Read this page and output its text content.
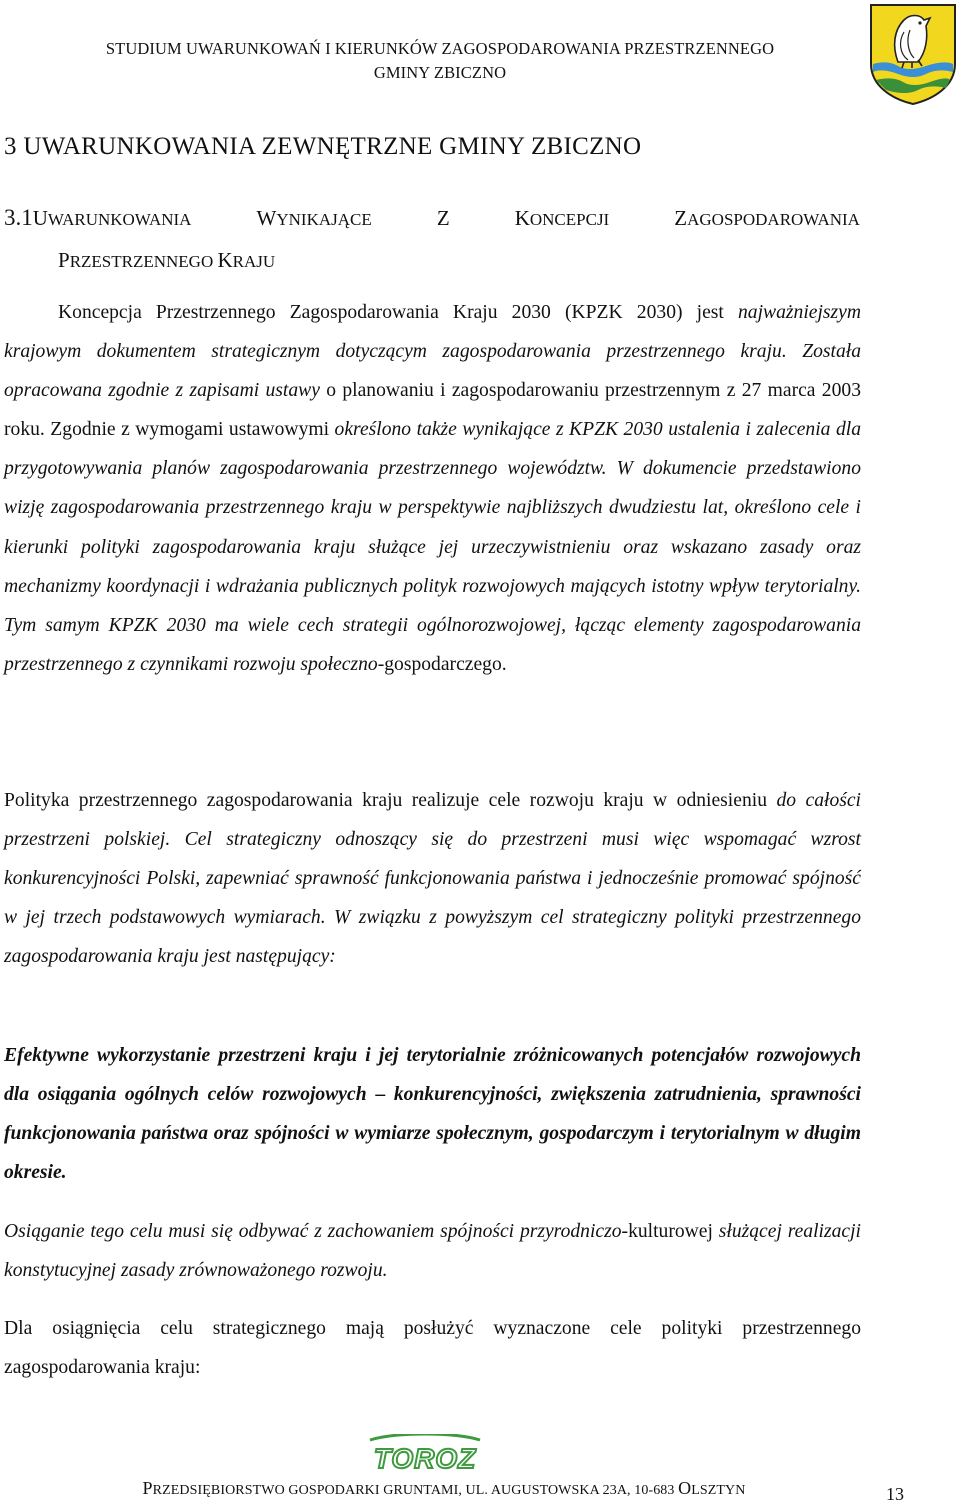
STUDIUM UWARUNKOWAŃ I KIERUNKÓW ZAGOSPODAROWANIA PRZESTRZENNEGO
GMINY ZBICZNO
3 UWARUNKOWANIA ZEWNĘTRZNE GMINY ZBICZNO
3.1UWARUNKOWANIA	WYNIKAJĄCE	Z	KONCEPCJI	ZAGOSPODAROWANIA
PRZESTRZENNEGO KRAJU

Koncepcja Przestrzennego Zagospodarowania Kraju 2030 (KPZK 2030) jest najważniejszym krajowym dokumentem strategicznym dotyczącym zagospodarowania przestrzennego kraju. Została opracowana zgodnie z zapisami ustawy o planowaniu i zagospodarowaniu przestrzennym z 27 marca 2003 roku. Zgodnie z wymogami ustawowymi określono także wynikające z KPZK 2030 ustalenia i zalecenia dla przygotowywania planów zagospodarowania przestrzennego województw. W dokumencie przedstawiono wizję zagospodarowania przestrzennego kraju w perspektywie najbliższych dwudziestu lat, określono cele i kierunki polityki zagospodarowania kraju służące jej urzeczywistnieniu oraz wskazano zasady oraz mechanizmy koordynacji i wdrażania publicznych polityk rozwojowych mających istotny wpływ terytorialny. Tym samym KPZK 2030 ma wiele cech strategii ogólnorozwojowej, łącząc elementy zagospodarowania przestrzennego z czynnikami rozwoju społeczno-gospodarczego.

Polityka przestrzennego zagospodarowania kraju realizuje cele rozwoju kraju w odniesieniu do całości przestrzeni polskiej. Cel strategiczny odnoszący się do przestrzeni musi więc wspomagać wzrost konkurencyjności Polski, zapewniać sprawność funkcjonowania państwa i jednocześnie promować spójność w jej trzech podstawowych wymiarach. W związku z powyższym cel strategiczny polityki przestrzennego zagospodarowania kraju jest następujący:

Efektywne wykorzystanie przestrzeni kraju i jej terytorialnie zróżnicowanych potencjałów rozwojowych dla osiągania ogólnych celów rozwojowych – konkurencyjności, zwiększenia zatrudnienia, sprawności funkcjonowania państwa oraz spójności w wymiarze społecznym, gospodarczym i terytorialnym w długim okresie.

Osiąganie tego celu musi się odbywać z zachowaniem spójności przyrodniczo-kulturowej służącej realizacji konstytucyjnej zasady zrównoważonego rozwoju.

Dla osiągnięcia celu strategicznego mają posłużyć wyznaczone cele polityki przestrzennego zagospodarowania kraju:

TOROZ
PRZEDSIĘBIORSTWO GOSPODARKI GRUNTAMI, UL. AUGUSTOWSKA 23A, 10-683 OLSZTYN	13
